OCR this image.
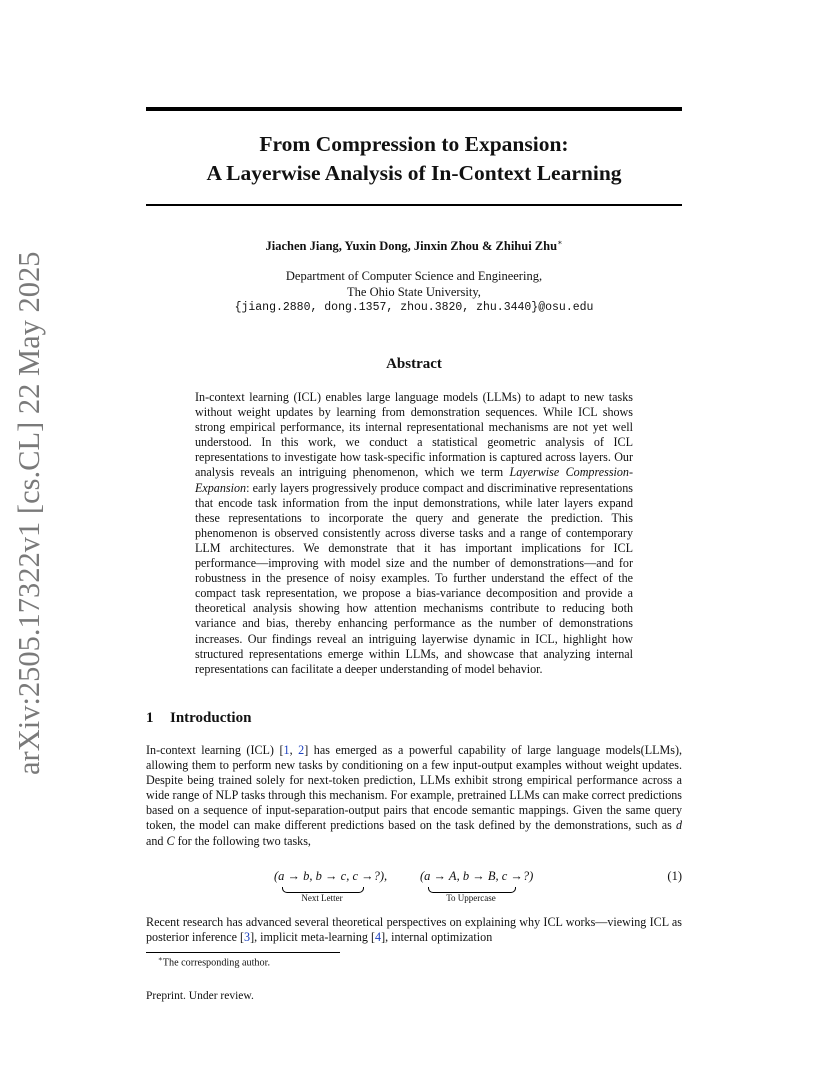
arXiv:2505.17322v1 [cs.CL] 22 May 2025
From Compression to Expansion:
A Layerwise Analysis of In-Context Learning
Jiachen Jiang, Yuxin Dong, Jinxin Zhou & Zhihui Zhu∗
Department of Computer Science and Engineering,
The Ohio State University,
{jiang.2880, dong.1357, zhou.3820, zhu.3440}@osu.edu
Abstract
In-context learning (ICL) enables large language models (LLMs) to adapt to new tasks without weight updates by learning from demonstration sequences. While ICL shows strong empirical performance, its internal representational mechanisms are not yet well understood. In this work, we conduct a statistical geometric analysis of ICL representations to investigate how task-specific information is captured across layers. Our analysis reveals an intriguing phenomenon, which we term Layerwise Compression-Expansion: early layers progressively produce compact and discriminative representations that encode task information from the input demonstrations, while later layers expand these representations to incorporate the query and generate the prediction. This phenomenon is observed consistently across diverse tasks and a range of contemporary LLM architectures. We demonstrate that it has important implications for ICL performance—improving with model size and the number of demonstrations—and for robustness in the presence of noisy examples. To further understand the effect of the compact task representation, we propose a bias-variance decomposition and provide a theoretical analysis showing how attention mechanisms contribute to reducing both variance and bias, thereby enhancing performance as the number of demonstrations increases. Our findings reveal an intriguing layerwise dynamic in ICL, highlight how structured representations emerge within LLMs, and showcase that analyzing internal representations can facilitate a deeper understanding of model behavior.
1 Introduction
In-context learning (ICL) [1, 2] has emerged as a powerful capability of large language models(LLMs), allowing them to perform new tasks by conditioning on a few input-output examples without weight updates. Despite being trained solely for next-token prediction, LLMs exhibit strong empirical performance across a wide range of NLP tasks through this mechanism. For example, pretrained LLMs can make correct predictions based on a sequence of input-separation-output pairs that encode semantic mappings. Given the same query token, the model can make different predictions based on the task defined by the demonstrations, such as d and C for the following two tasks,
(a → b, b → c, c →?),
Next Letter
(a → A, b → B, c →?)
To Uppercase
(1)
Recent research has advanced several theoretical perspectives on explaining why ICL works—viewing ICL as posterior inference [3], implicit meta-learning [4], internal optimization
∗The corresponding author.
Preprint. Under review.
